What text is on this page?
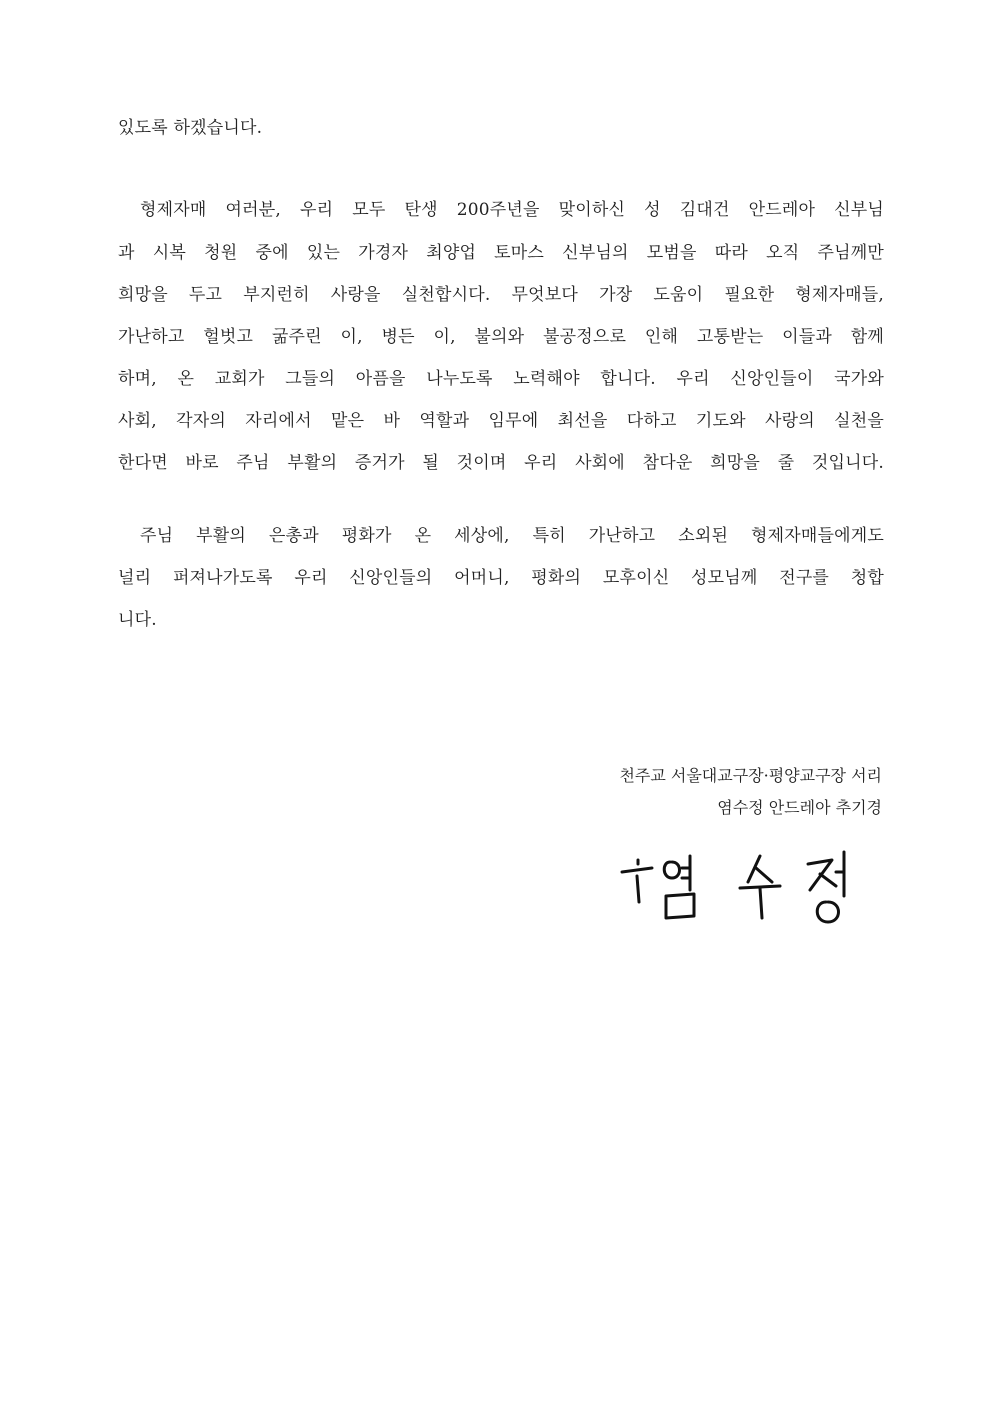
있도록 하겠습니다.
형제자매 여러분, 우리 모두 탄생 200주년을 맞이하신 성 김대건 안드레아 신부님
과 시복 청원 중에 있는 가경자 최양업 토마스 신부님의 모범을 따라 오직 주님께만
희망을 두고 부지런히 사랑을 실천합시다. 무엇보다 가장 도움이 필요한 형제자매들,
가난하고 헐벗고 굶주린 이, 병든 이, 불의와 불공정으로 인해 고통받는 이들과 함께
하며, 온 교회가 그들의 아픔을 나누도록 노력해야 합니다. 우리 신앙인들이 국가와
사회, 각자의 자리에서 맡은 바 역할과 임무에 최선을 다하고 기도와 사랑의 실천을
한다면 바로 주님 부활의 증거가 될 것이며 우리 사회에 참다운 희망을 줄 것입니다.
주님 부활의 은총과 평화가 온 세상에, 특히 가난하고 소외된 형제자매들에게도
널리 퍼져나가도록 우리 신앙인들의 어머니, 평화의 모후이신 성모님께 전구를 청합
니다.
천주교 서울대교구장·평양교구장 서리
염수정 안드레아 추기경
